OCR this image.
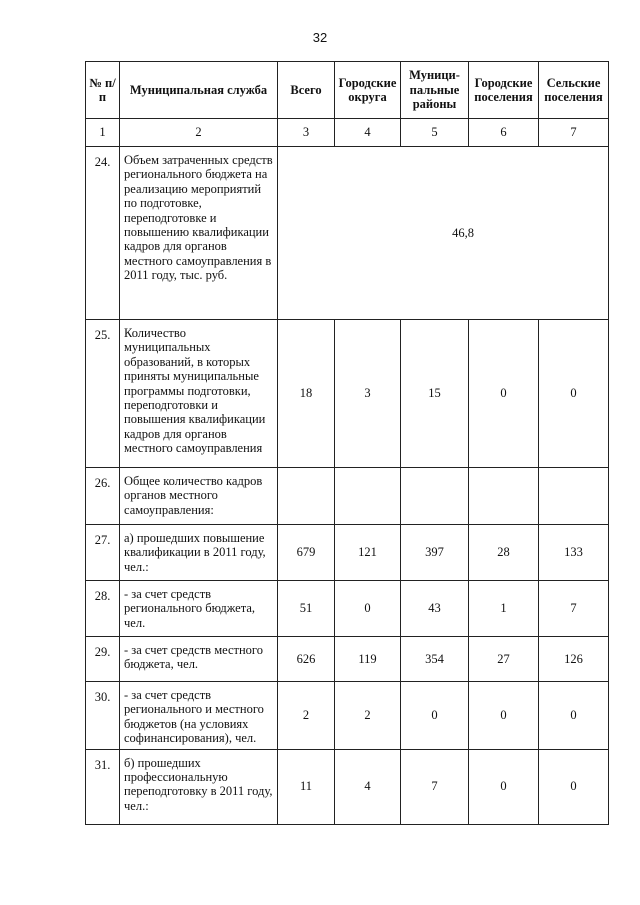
32
№ п/п	Муниципальная служба	Всего	Городские округа	Муници-пальные районы	Городские поселения	Сельские поселения
1	2	3	4	5	6	7
24.	Объем затраченных средств регионального бюджета на реализацию мероприятий по подготовке, переподготовке и повышению квалификации кадров для органов местного самоуправления в 2011 году, тыс. руб.	46,8				
25.	Количество муниципальных образований, в которых приняты муниципальные программы подготовки, переподготовки и повышения квалификации кадров для органов местного самоуправления	18	3	15	0	0
26.	Общее количество кадров органов местного самоуправления:					
27.	а) прошедших повышение квалификации в 2011 году, чел.:	679	121	397	28	133
28.	- за счет средств регионального бюджета, чел.	51	0	43	1	7
29.	- за счет средств местного бюджета, чел.	626	119	354	27	126
30.	- за счет средств регионального и местного бюджетов (на условиях софинансирования), чел.	2	2	0	0	0
31.	б) прошедших профессиональную переподготовку в 2011 году, чел.:	11	4	7	0	0
